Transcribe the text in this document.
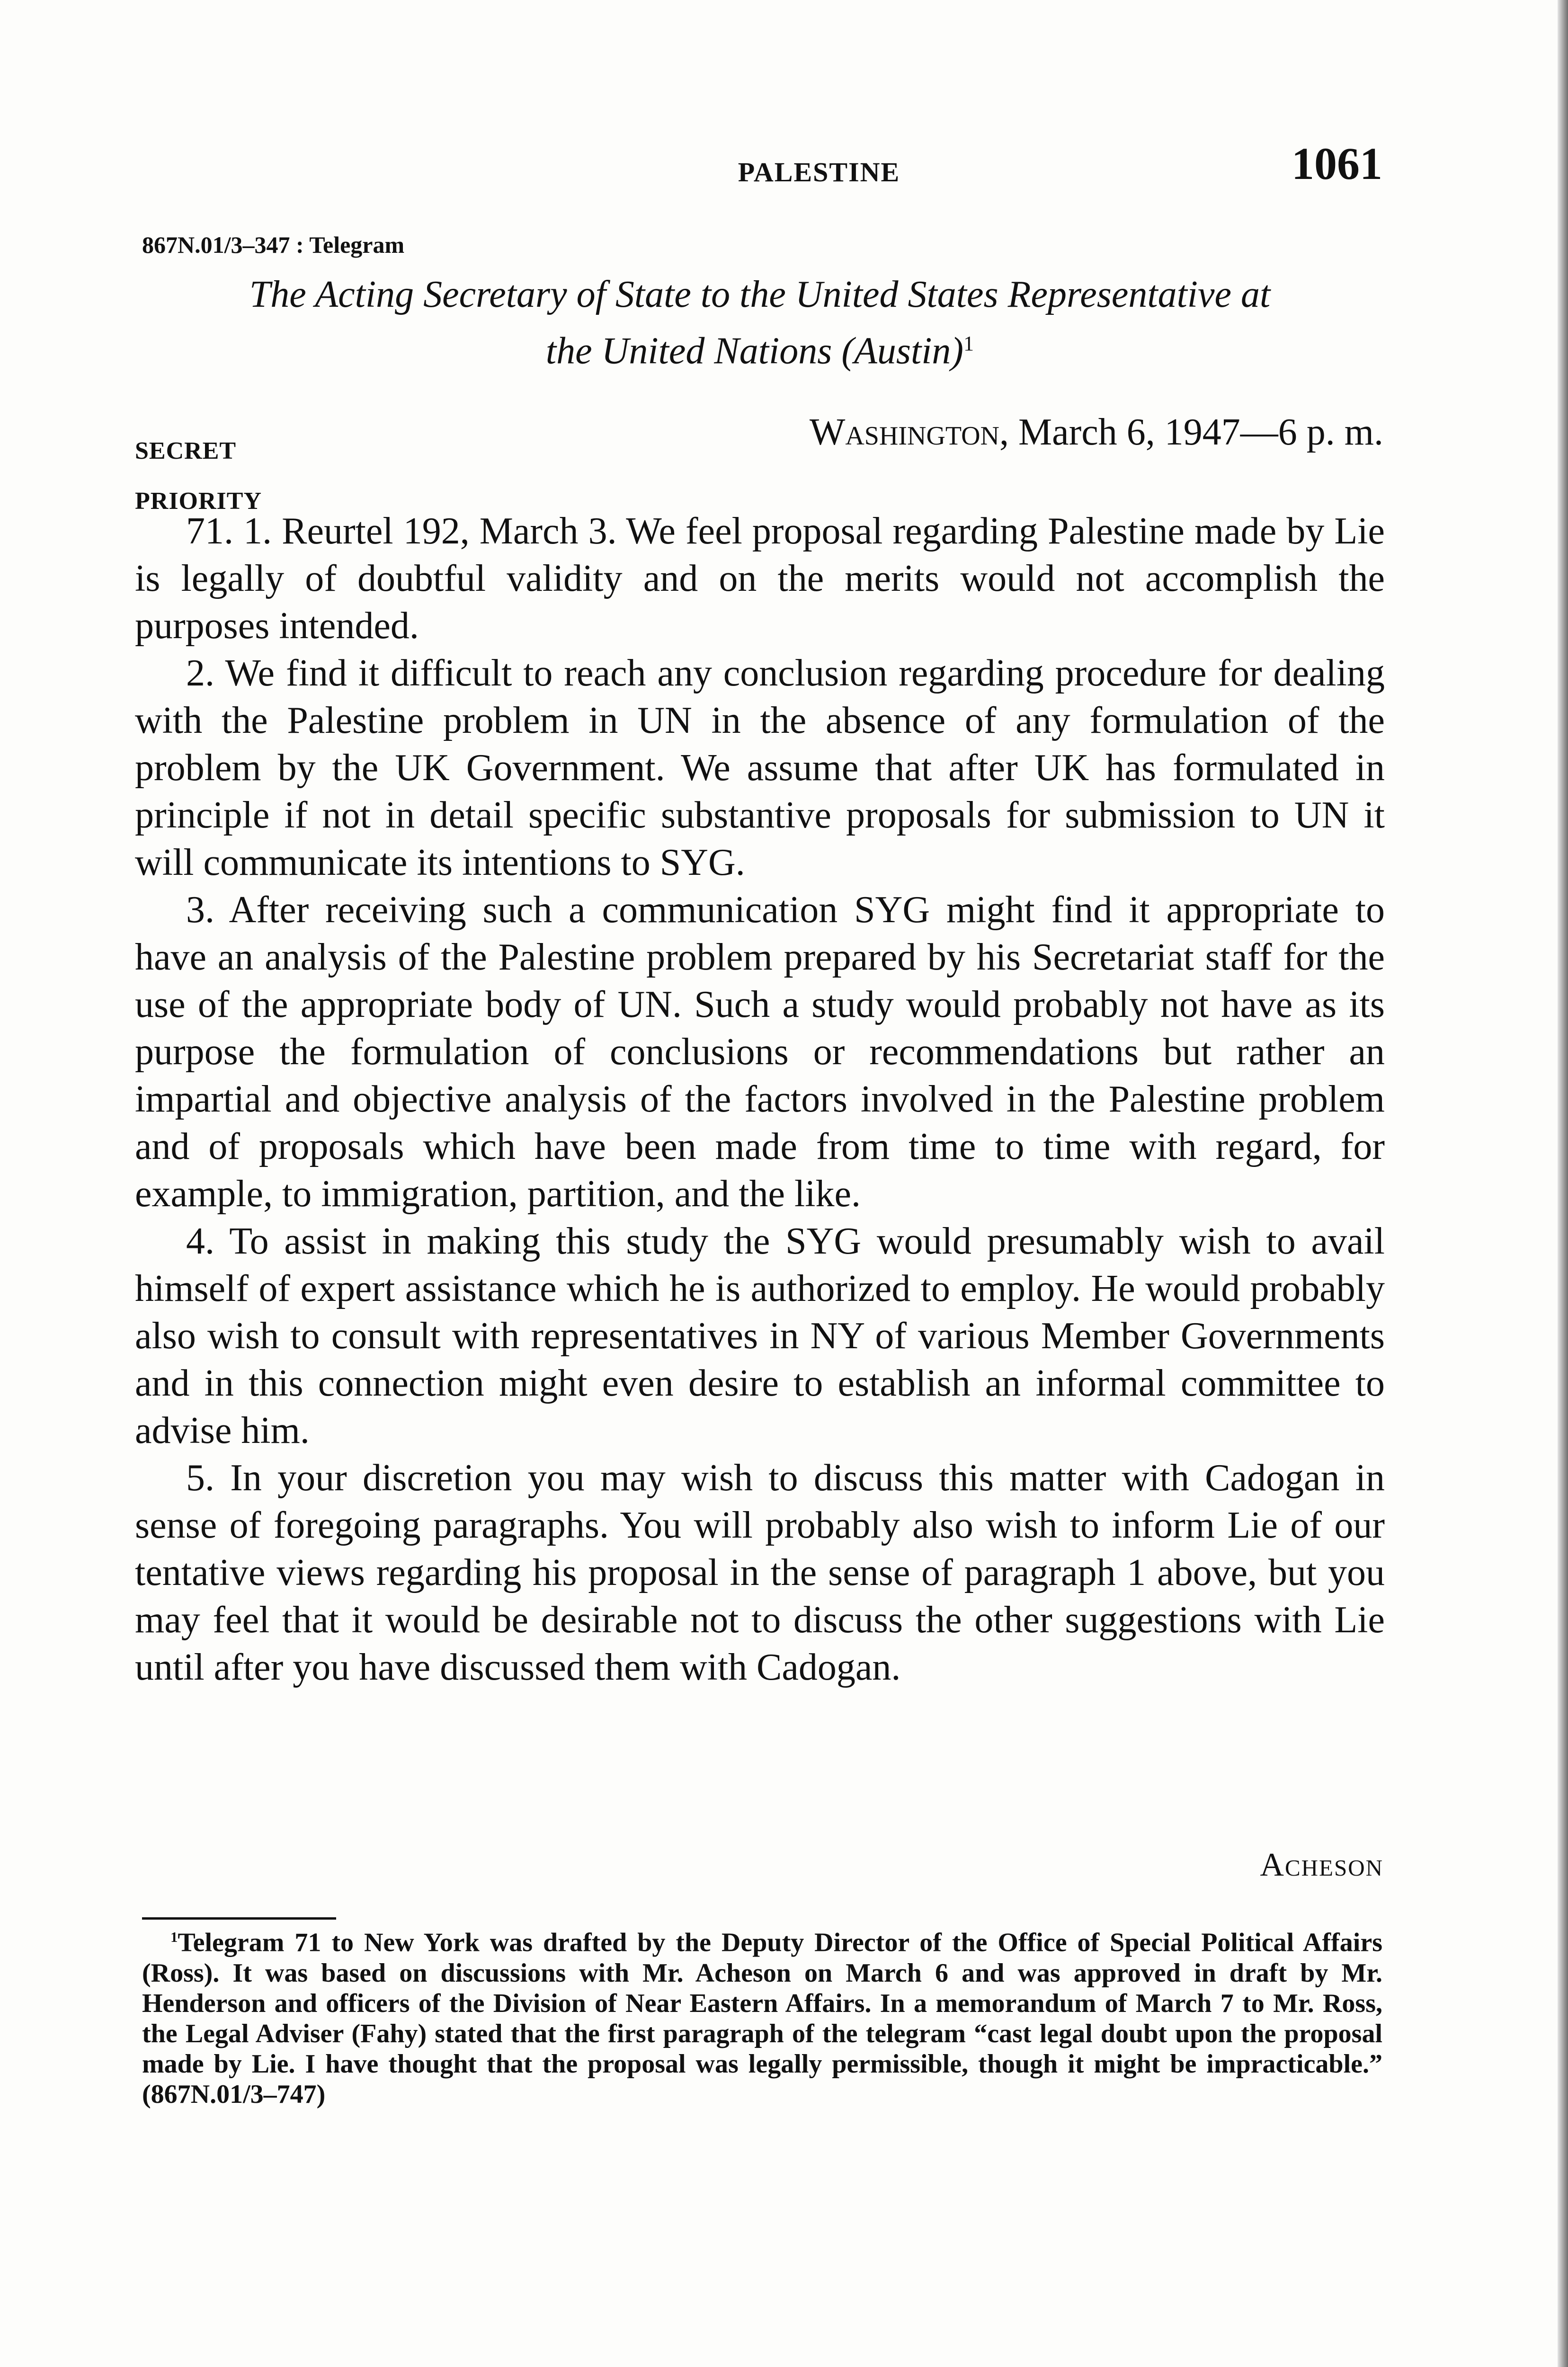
PALESTINE	1061
867N.01/3–347 : Telegram
The Acting Secretary of State to the United States Representative at
the United Nations (Austin)$^1$
SECRET
PRIORITY
Washington, March 6, 1947—6 p. m.

71. 1. Reurtel 192, March 3. We feel proposal regarding Palestine made by Lie is legally of doubtful validity and on the merits would not accomplish the purposes intended.

2. We find it difficult to reach any conclusion regarding procedure for dealing with the Palestine problem in UN in the absence of any formulation of the problem by the UK Government. We assume that after UK has formulated in principle if not in detail specific substantive proposals for submission to UN it will communicate its intentions to SYG.

3. After receiving such a communication SYG might find it appropriate to have an analysis of the Palestine problem prepared by his Secretariat staff for the use of the appropriate body of UN. Such a study would probably not have as its purpose the formulation of conclusions or recommendations but rather an impartial and objective analysis of the factors involved in the Palestine problem and of proposals which have been made from time to time with regard, for example, to immigration, partition, and the like.

4. To assist in making this study the SYG would presumably wish to avail himself of expert assistance which he is authorized to employ. He would probably also wish to consult with representatives in NY of various Member Governments and in this connection might even desire to establish an informal committee to advise him.

5. In your discretion you may wish to discuss this matter with Cadogan in sense of foregoing paragraphs. You will probably also wish to inform Lie of our tentative views regarding his proposal in the sense of paragraph 1 above, but you may feel that it would be desirable not to discuss the other suggestions with Lie until after you have discussed them with Cadogan.

Acheson
$^1$Telegram 71 to New York was drafted by the Deputy Director of the Office of Special Political Affairs (Ross). It was based on discussions with Mr. Acheson on March 6 and was approved in draft by Mr. Henderson and officers of the Division of Near Eastern Affairs. In a memorandum of March 7 to Mr. Ross, the Legal Adviser (Fahy) stated that the first paragraph of the telegram “cast legal doubt upon the proposal made by Lie. I have thought that the proposal was legally permissible, though it might be impracticable.” (867N.01/3–747)
